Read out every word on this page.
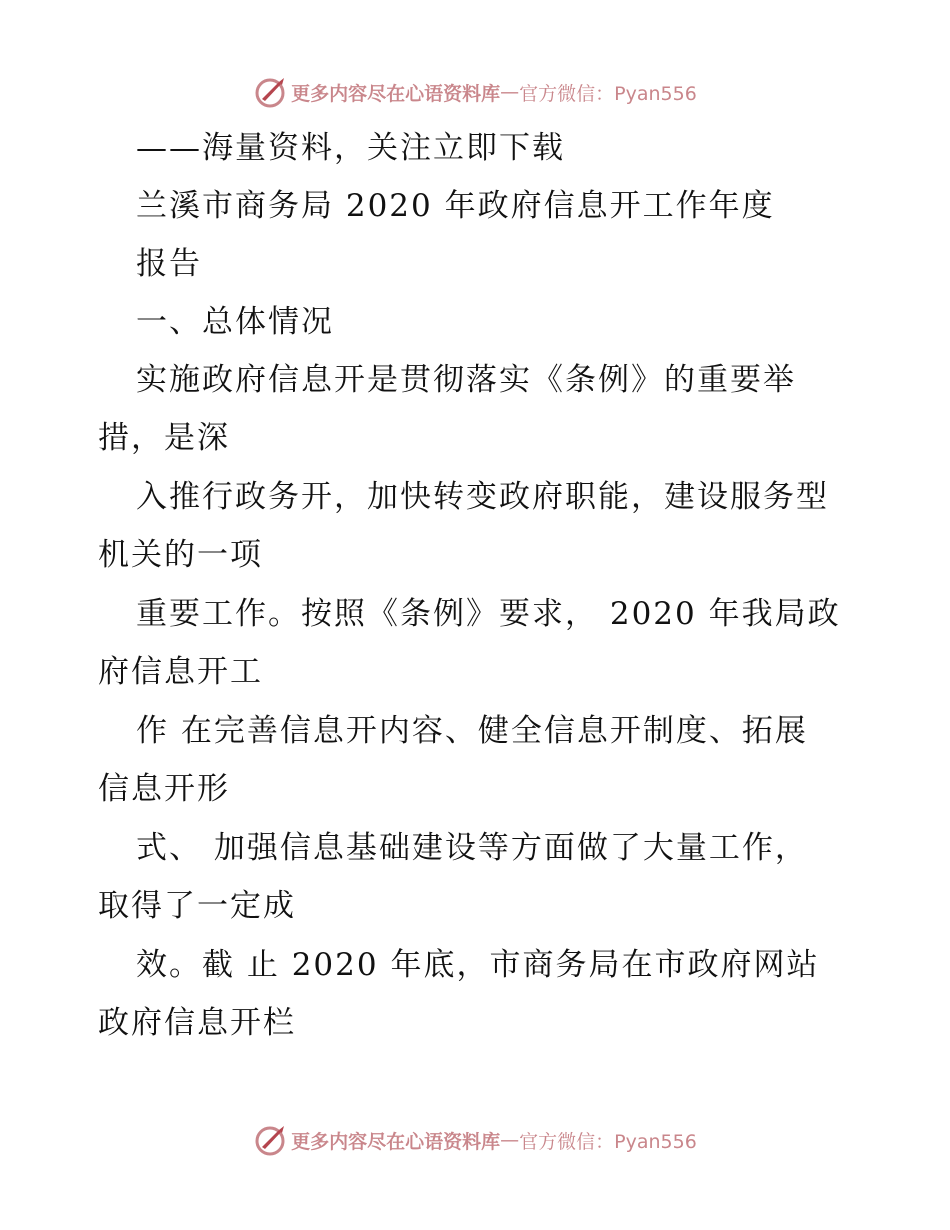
更多内容尽在心语资料库 — 官方微信：Pyan556
——海量资料，关注立即下载
兰溪市商务局 2020 年政府信息开工作年度
报告
一、总体情况
实施政府信息开是贯彻落实《条例》的重要举
措，是深
入推行政务开，加快转变政府职能，建设服务型
机关的一项
重要工作。按照《条例》要求， 2020 年我局政
府信息开工
作 在完善信息开内容、健全信息开制度、拓展
信息开形
式、 加强信息基础建设等方面做了大量工作，
取得了一定成
效。截 止 2020 年底，市商务局在市政府网站
政府信息开栏
更多内容尽在心语资料库 — 官方微信：Pyan556
